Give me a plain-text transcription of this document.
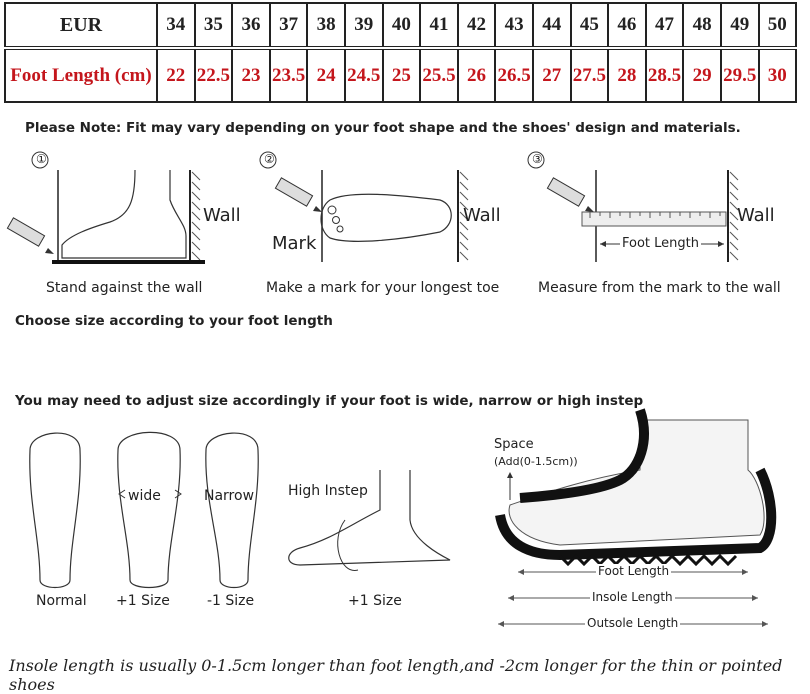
EUR	34	35	36	37	38	39	40	41	42	43	44	45	46	47	48	49	50
Foot Length (cm)	22	22.5	23	23.5	24	24.5	25	25.5	26	26.5	27	27.5	28	28.5	29	29.5	30
Please Note: Fit may vary depending on your foot shape and the shoes' design and materials.
①
Wall
Stand against the wall
②
Wall
Mark
Make a mark for your longest toe
③
Wall
Foot Length
Measure from the mark to the wall
Choose size according to your foot length
You may need to adjust size accordingly if your foot is wide, narrow or high instep
wide	Narrow High Instep
Normal +1 Size	-1 Size	+1 Size
Space
(Add(0-1.5cm))
Foot Length
Insole Length
Outsole Length
Insole length is usually 0-1.5cm longer than foot length,and -2cm longer for the thin or pointed shoes
